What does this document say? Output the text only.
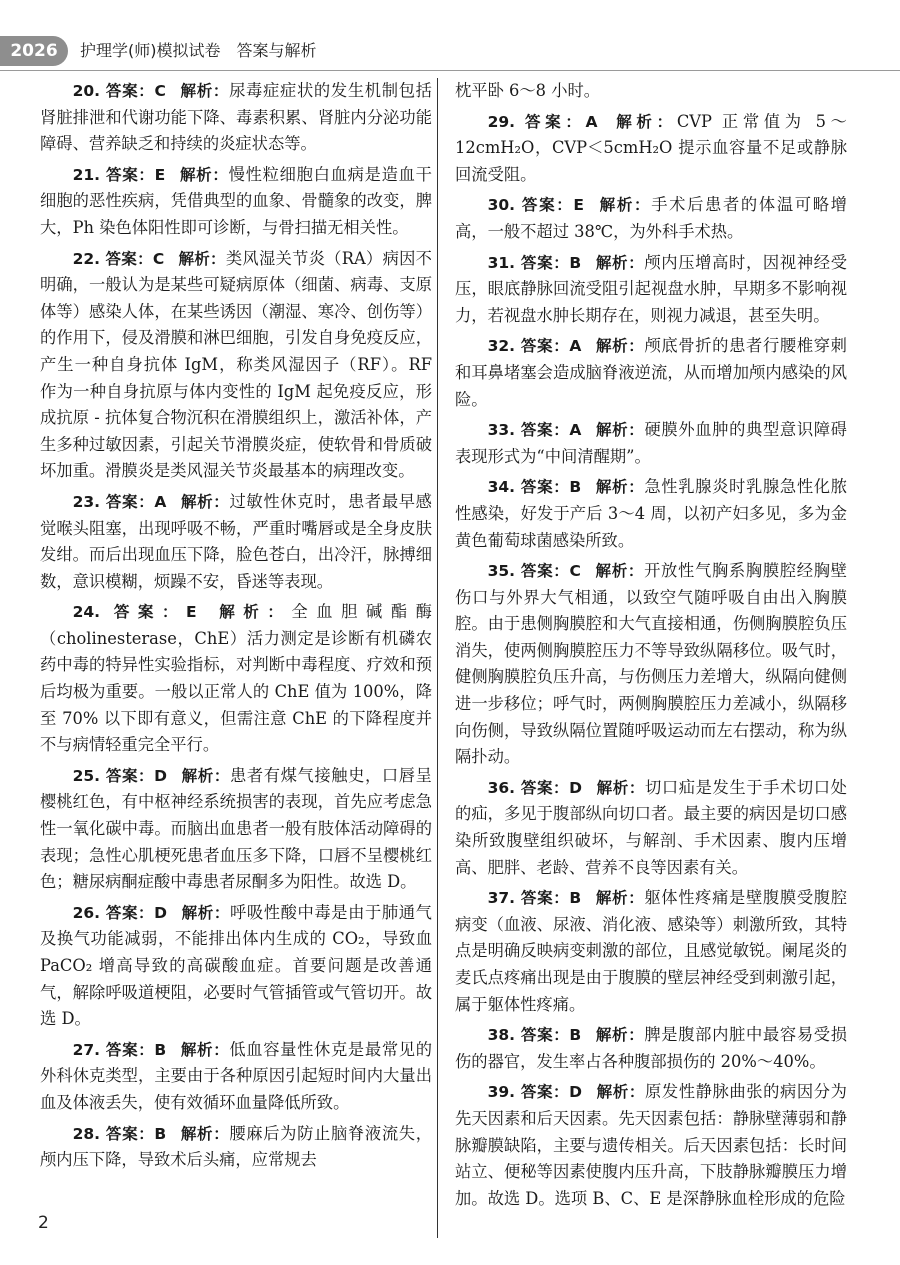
2026	护理学(师)模拟试卷　答案与解析

20. 答案：C 解析：尿毒症症状的发生机制包括肾脏排泄和代谢功能下降、毒素积累、肾脏内分泌功能障碍、营养缺乏和持续的炎症状态等。

21. 答案：E 解析：慢性粒细胞白血病是造血干细胞的恶性疾病，凭借典型的血象、骨髓象的改变，脾大，Ph 染色体阳性即可诊断，与骨扫描无相关性。

22. 答案：C 解析：类风湿关节炎（RA）病因不明确，一般认为是某些可疑病原体（细菌、病毒、支原体等）感染人体，在某些诱因（潮湿、寒冷、创伤等）的作用下，侵及滑膜和淋巴细胞，引发自身免疫反应，产生一种自身抗体 IgM，称类风湿因子（RF）。RF 作为一种自身抗原与体内变性的 IgM 起免疫反应，形成抗原 - 抗体复合物沉积在滑膜组织上，激活补体，产生多种过敏因素，引起关节滑膜炎症，使软骨和骨质破坏加重。滑膜炎是类风湿关节炎最基本的病理改变。

23. 答案：A 解析：过敏性休克时，患者最早感觉喉头阻塞，出现呼吸不畅，严重时嘴唇或是全身皮肤发绀。而后出现血压下降，脸色苍白，出冷汗，脉搏细数，意识模糊，烦躁不安，昏迷等表现。

24. 答案：E 解析：全血胆碱酯酶（cholinesterase，ChE）活力测定是诊断有机磷农药中毒的特异性实验指标，对判断中毒程度、疗效和预后均极为重要。一般以正常人的 ChE 值为 100%，降至 70% 以下即有意义，但需注意 ChE 的下降程度并不与病情轻重完全平行。

25. 答案：D 解析：患者有煤气接触史，口唇呈樱桃红色，有中枢神经系统损害的表现，首先应考虑急性一氧化碳中毒。而脑出血患者一般有肢体活动障碍的表现；急性心肌梗死患者血压多下降，口唇不呈樱桃红色；糖尿病酮症酸中毒患者尿酮多为阳性。故选 D。

26. 答案：D 解析：呼吸性酸中毒是由于肺通气及换气功能减弱，不能排出体内生成的 CO₂，导致血 PaCO₂ 增高导致的高碳酸血症。首要问题是改善通气，解除呼吸道梗阻，必要时气管插管或气管切开。故选 D。

27. 答案：B 解析：低血容量性休克是最常见的外科休克类型，主要由于各种原因引起短时间内大量出血及体液丢失，使有效循环血量降低所致。

28. 答案：B 解析：腰麻后为防止脑脊液流失，颅内压下降，导致术后头痛，应常规去

枕平卧 6～8 小时。

29. 答案：A 解析：CVP 正常值为 5～12cmH₂O，CVP＜5cmH₂O 提示血容量不足或静脉回流受阻。

30. 答案：E 解析：手术后患者的体温可略增高，一般不超过 38℃，为外科手术热。

31. 答案：B 解析：颅内压增高时，因视神经受压，眼底静脉回流受阻引起视盘水肿，早期多不影响视力，若视盘水肿长期存在，则视力减退，甚至失明。

32. 答案：A 解析：颅底骨折的患者行腰椎穿刺和耳鼻堵塞会造成脑脊液逆流，从而增加颅内感染的风险。

33. 答案：A 解析：硬膜外血肿的典型意识障碍表现形式为“中间清醒期”。

34. 答案：B 解析：急性乳腺炎时乳腺急性化脓性感染，好发于产后 3～4 周，以初产妇多见，多为金黄色葡萄球菌感染所致。

35. 答案：C 解析：开放性气胸系胸膜腔经胸壁伤口与外界大气相通，以致空气随呼吸自由出入胸膜腔。由于患侧胸膜腔和大气直接相通，伤侧胸膜腔负压消失，使两侧胸膜腔压力不等导致纵隔移位。吸气时，健侧胸膜腔负压升高，与伤侧压力差增大，纵隔向健侧进一步移位；呼气时，两侧胸膜腔压力差减小，纵隔移向伤侧，导致纵隔位置随呼吸运动而左右摆动，称为纵隔扑动。

36. 答案：D 解析：切口疝是发生于手术切口处的疝，多见于腹部纵向切口者。最主要的病因是切口感染所致腹壁组织破坏，与解剖、手术因素、腹内压增高、肥胖、老龄、营养不良等因素有关。

37. 答案：B 解析：躯体性疼痛是壁腹膜受腹腔病变（血液、尿液、消化液、感染等）刺激所致，其特点是明确反映病变刺激的部位，且感觉敏锐。阑尾炎的麦氏点疼痛出现是由于腹膜的壁层神经受到刺激引起，属于躯体性疼痛。

38. 答案：B 解析：脾是腹部内脏中最容易受损伤的器官，发生率占各种腹部损伤的 20%～40%。

39. 答案：D 解析：原发性静脉曲张的病因分为先天因素和后天因素。先天因素包括：静脉壁薄弱和静脉瓣膜缺陷，主要与遗传相关。后天因素包括：长时间站立、便秘等因素使腹内压升高，下肢静脉瓣膜压力增加。故选 D。选项 B、C、E 是深静脉血栓形成的危险

2
